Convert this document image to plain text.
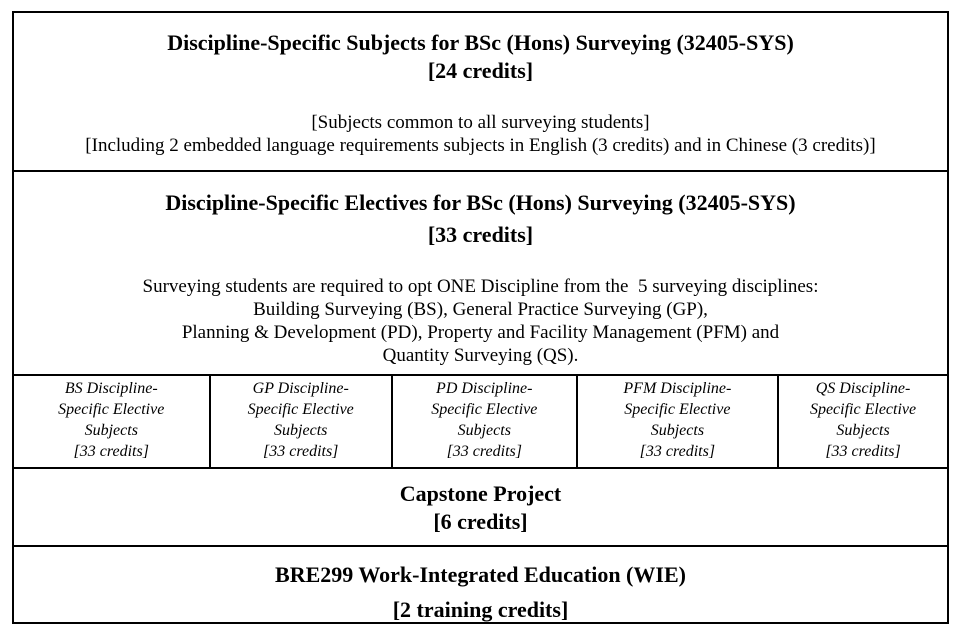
Discipline-Specific Subjects for BSc (Hons) Surveying (32405-SYS)
[24 credits]
[Subjects common to all surveying students]
[Including 2 embedded language requirements subjects in English (3 credits) and in Chinese (3 credits)]
Discipline-Specific Electives for BSc (Hons) Surveying (32405-SYS)
[33 credits]
Surveying students are required to opt ONE Discipline from the  5 surveying disciplines:
Building Surveying (BS), General Practice Surveying (GP),
Planning & Development (PD), Property and Facility Management (PFM) and
Quantity Surveying (QS).
BS Discipline-
Specific Elective
Subjects
[33 credits]
GP Discipline-
Specific Elective
Subjects
[33 credits]
PD Discipline-
Specific Elective
Subjects
[33 credits]
PFM Discipline-
Specific Elective
Subjects
[33 credits]
QS Discipline-
Specific Elective
Subjects
[33 credits]
Capstone Project
[6 credits]
BRE299 Work-Integrated Education (WIE)
[2 training credits]
